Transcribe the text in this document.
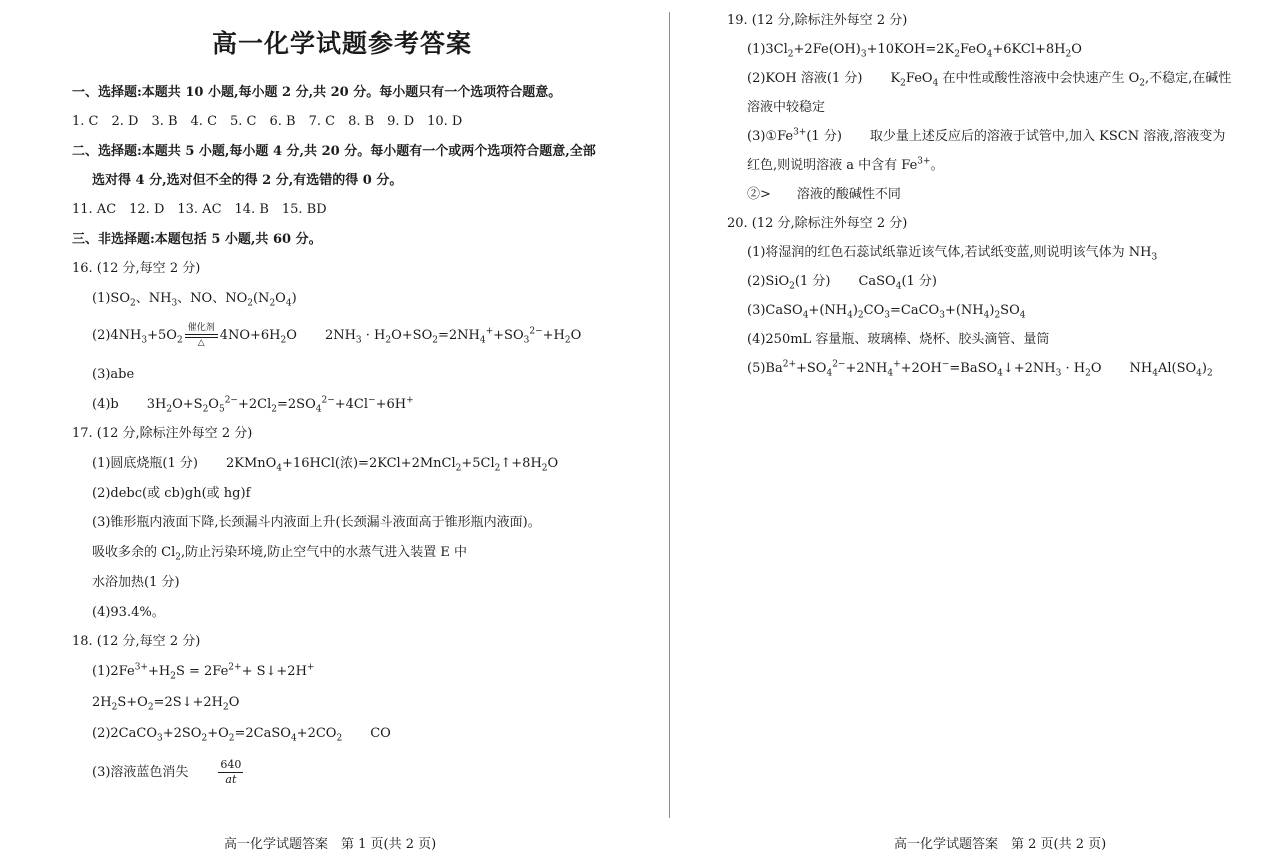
高一化学试题参考答案
一、选择题:本题共 10 小题,每小题 2 分,共 20 分。每小题只有一个选项符合题意。
1. C　2. D　3. B　4. C　5. C　6. B　7. C　8. B　9. D　10. D
二、选择题:本题共 5 小题,每小题 4 分,共 20 分。每小题有一个或两个选项符合题意,全部
选对得 4 分,选对但不全的得 2 分,有选错的得 0 分。
11. AC　12. D　13. AC　14. B　15. BD
三、非选择题:本题包括 5 小题,共 60 分。
16. (12 分,每空 2 分)
$(1)SO_2$、$NH_3$、NO、$NO_2(N_2O_4)$
$(2)4NH_3+5O_2$
催化剂
△	$4NO+6H_2O$ $2NH_3 \cdot H_2O+SO_2=2NH_4^++SO_3^{2-}+H_2O$
(3)abe
(4)b $3H_2O+S_2O_5^{2-}+2Cl_2=2SO_4^{2-}+4Cl^-+6H^+$
17. (12 分,除标注外每空 2 分)
(1)圆底烧瓶(1 分) 2KMnO$_4$+16HCl(浓)$=2KCl+2MnCl_2+5Cl_2↑+8H_2O$
(2)debc(或 cb)gh(或 hg)f
(3)锥形瓶内液面下降,长颈漏斗内液面上升(长颈漏斗液面高于锥形瓶内液面)。
吸收多余的 $Cl_2$,防止污染环境,防止空气中的水蒸气进入装置 E 中
水浴加热(1 分)
(4)93.4%。
18. (12 分,每空 2 分)
$(1)2Fe^{3+}+H_2S = 2Fe^{2+}+$ S↓+2H+
$2H_2S+O_2=2S↓+2H_2O$
$(2)2CaCO_3+2SO_2+O_2=2CaSO_4+2CO_2$ CO
(3)溶液蓝色消失	$\frac{640}{at}$
19. (12 分,除标注外每空 2 分)
$(1)3Cl_2+2Fe(OH)_3+10KOH=2K_2FeO_4+6KCl+8H_2O$
(2)KOH 溶液(1 分) $K_2FeO_4$ 在中性或酸性溶液中会快速产生 $O_2$,不稳定,在碱性
溶液中较稳定
$(3)①Fe^{3+}(1$ 分) 取少量上述反应后的溶液于试管中,加入 KSCN 溶液,溶液变为
红色,则说明溶液 a 中含有 $Fe^{3+}$。
②>　　溶液的酸碱性不同
20. (12 分,除标注外每空 2 分)
(1)将湿润的红色石蕊试纸靠近该气体,若试纸变蓝,则说明该气体为 $NH_3$
(2)SiO$_2$(1 分) CaSO$_4$(1 分)
$(3)CaSO_4+(NH_4)_2CO_3=CaCO_3+(NH_4)_2SO_4$
(4)250mL 容量瓶、玻璃棒、烧杯、胶头滴管、量筒
$(5)Ba^{2+}+SO_4^{2-}+2NH_4^++2OH^-=BaSO_4↓+2NH_3 \cdot H_2O$ $NH_4Al(SO_4)_2$
高一化学试题答案　第 1 页(共 2 页)	高一化学试题答案　第 2 页(共 2 页)
